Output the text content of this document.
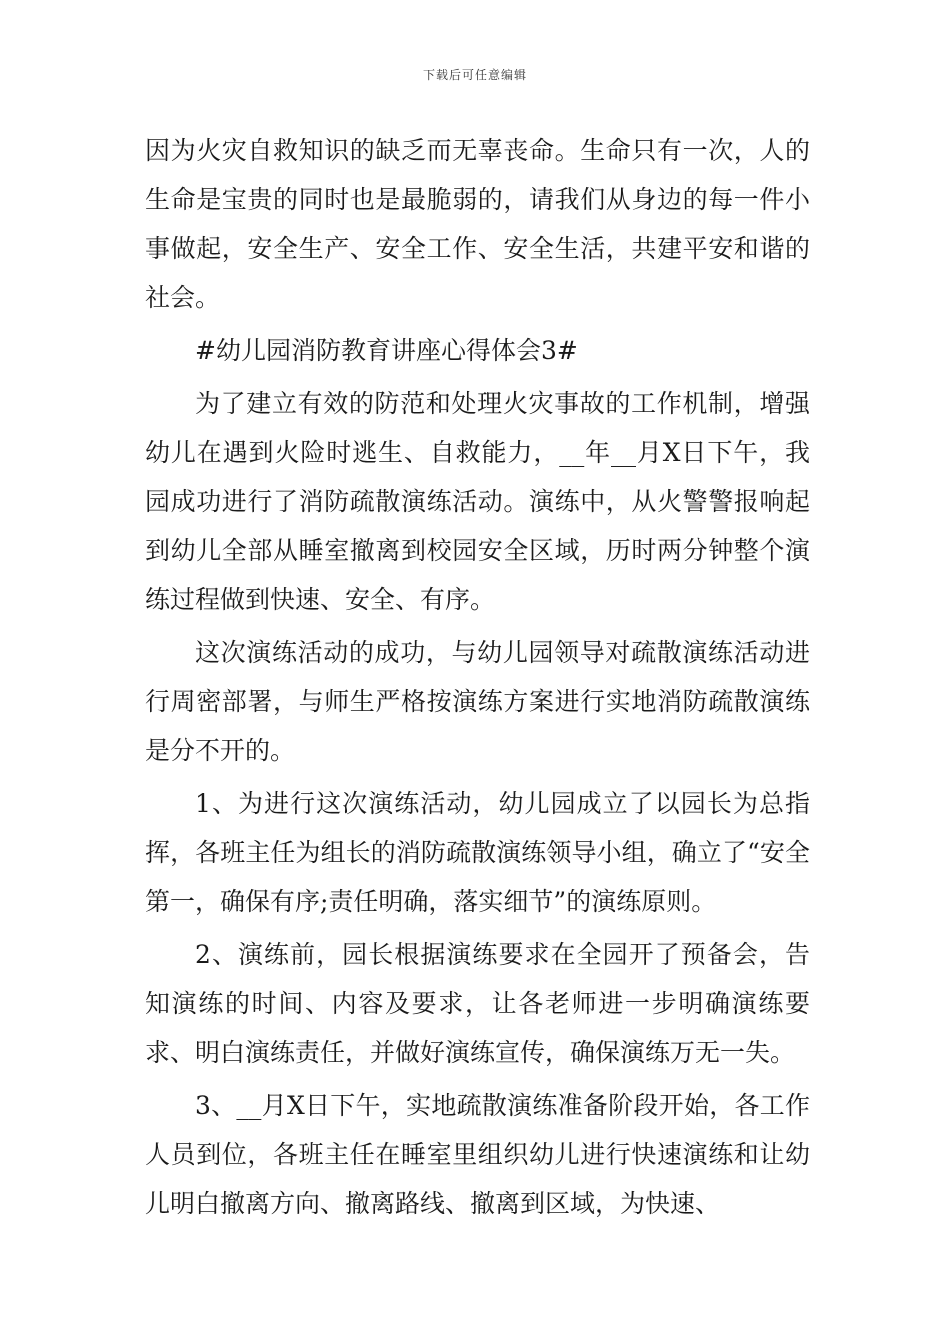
下载后可任意编辑

因为火灾自救知识的缺乏而无辜丧命。生命只有一次，人的生命是宝贵的同时也是最脆弱的，请我们从身边的每一件小事做起，安全生产、安全工作、安全生活，共建平安和谐的社会。

#幼儿园消防教育讲座心得体会3#

为了建立有效的防范和处理火灾事故的工作机制，增强幼儿在遇到火险时逃生、自救能力，__年__月X日下午，我园成功进行了消防疏散演练活动。演练中，从火警警报响起到幼儿全部从睡室撤离到校园安全区域，历时两分钟整个演练过程做到快速、安全、有序。

这次演练活动的成功，与幼儿园领导对疏散演练活动进行周密部署，与师生严格按演练方案进行实地消防疏散演练是分不开的。

1、为进行这次演练活动，幼儿园成立了以园长为总指挥，各班主任为组长的消防疏散演练领导小组，确立了“安全第一，确保有序;责任明确，落实细节”的演练原则。

2、演练前，园长根据演练要求在全园开了预备会，告知演练的时间、内容及要求，让各老师进一步明确演练要求、明白演练责任，并做好演练宣传，确保演练万无一失。

3、__月X日下午，实地疏散演练准备阶段开始，各工作人员到位，各班主任在睡室里组织幼儿进行快速演练和让幼儿明白撤离方向、撤离路线、撤离到区域，为快速、
